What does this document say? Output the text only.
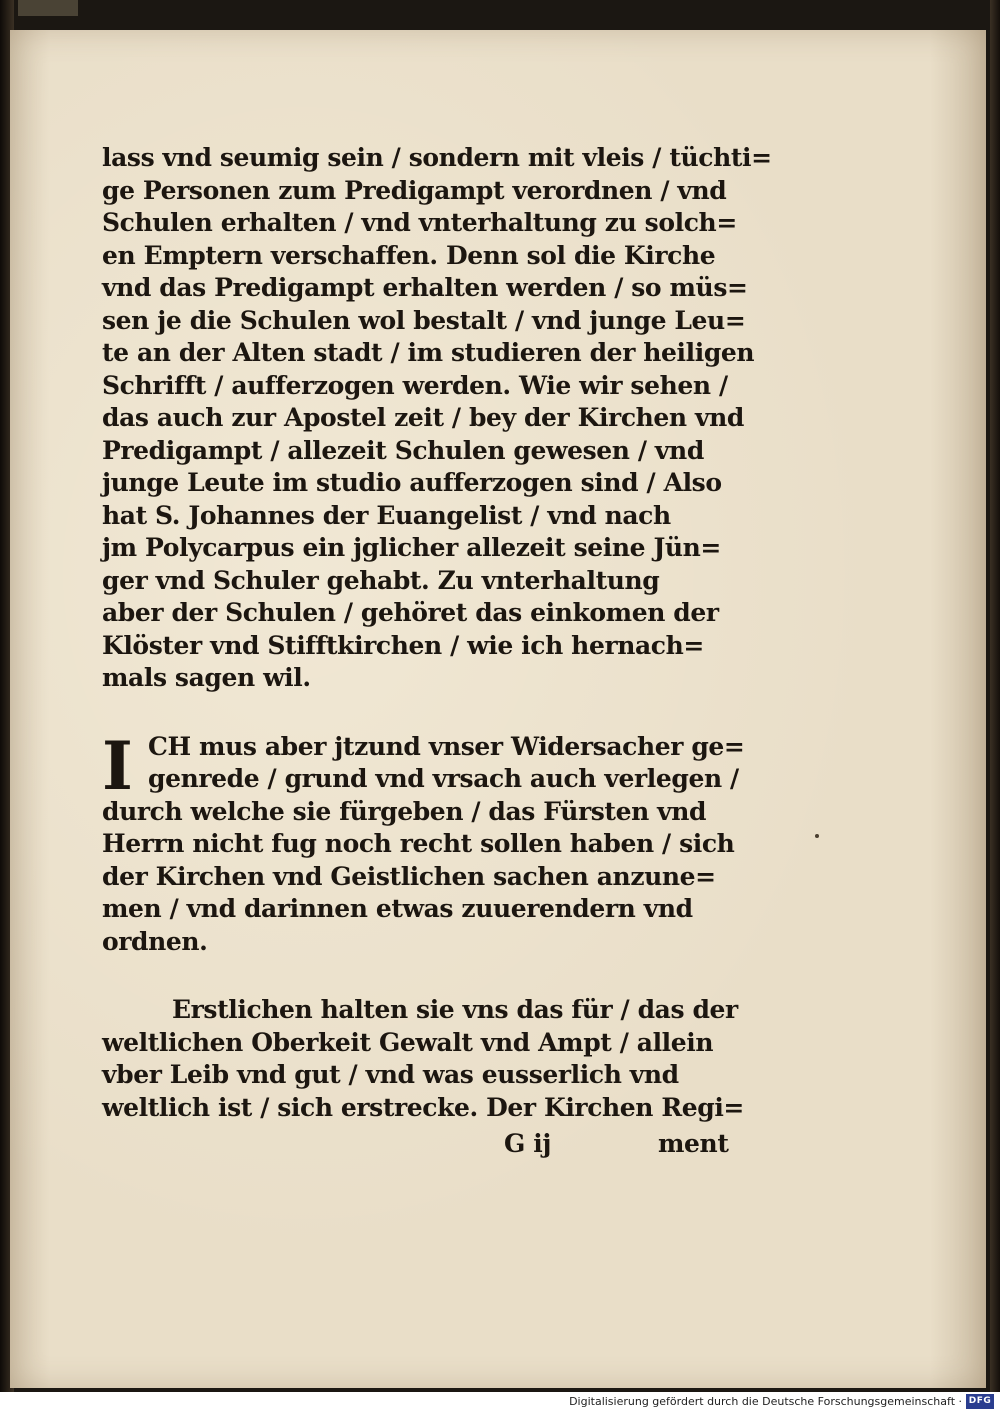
lass vnd seumig sein / sondern mit vleis / tüchti=
ge Personen zum Predigampt verordnen / vnd
Schulen erhalten / vnd vnterhaltung zu solch=
en Emptern verschaffen. Denn sol die Kirche
vnd das Predigampt erhalten werden / so müs=
sen je die Schulen wol bestalt / vnd junge Leu=
te an der Alten stadt / im studieren der heiligen
Schrifft / aufferzogen werden. Wie wir sehen /
das auch zur Apostel zeit / bey der Kirchen vnd
Predigampt / allezeit Schulen gewesen / vnd
junge Leute im studio aufferzogen sind / Also
hat S. Johannes der Euangelist / vnd nach
jm Polycarpus ein jglicher allezeit seine Jün=
ger vnd Schuler gehabt. Zu vnterhaltung
aber der Schulen / gehöret das einkomen der
Klöster vnd Stifftkirchen / wie ich hernach=
mals sagen wil.
I CH mus aber jtzund vnser Widersacher ge=
genrede / grund vnd vrsach auch verlegen /
durch welche sie fürgeben / das Fürsten vnd
Herrn nicht fug noch recht sollen haben / sich
der Kirchen vnd Geistlichen sachen anzune=
men / vnd darinnen etwas zuuerendern vnd
ordnen.
Erstlichen halten sie vns das für / das der
weltlichen Oberkeit Gewalt vnd Ampt / allein
vber Leib vnd gut / vnd was eusserlich vnd
weltlich ist / sich erstrecke. Der Kirchen Regi=
G ij	ment
Digitalisierung gefördert durch die Deutsche Forschungsgemeinschaft · DFG
